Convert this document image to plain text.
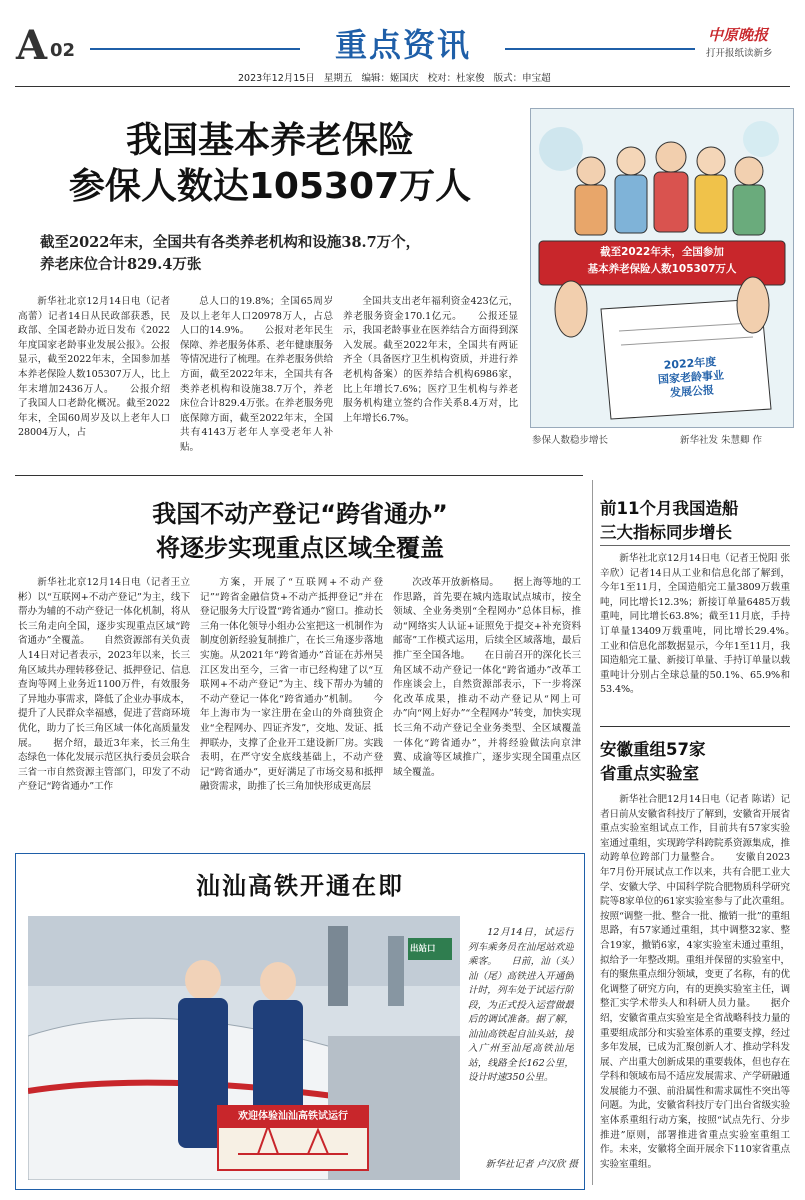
A 02	重点资讯	中原晚报
打开报纸读新乡
2023年12月15日 星期五 编辑：姬国庆 校对：杜家俊 版式：申宝超
我国基本养老保险
参保人数达105307万人
截至2022年末，全国共有各类养老机构和设施38.7万个，
养老床位合计829.4万张

新华社北京12月14日电（记者 高蕾）记者14日从民政部获悉，民政部、全国老龄办近日发布《2022年度国家老龄事业发展公报》。公报显示，截至2022年末，全国参加基本养老保险人数105307万人，比上年末增加2436万人。　　公报介绍了我国人口老龄化概况。截至2022年末，全国60周岁及以上老年人口28004万人，占

总人口的19.8%；全国65周岁及以上老年人口20978万人，占总人口的14.9%。　　公报对老年民生保障、养老服务体系、老年健康服务等情况进行了梳理。在养老服务供给方面，截至2022年末，全国共有各类养老机构和设施38.7万个，养老床位合计829.4万张。在养老服务兜底保障方面，截至2022年末，全国共有4143万老年人享受老年人补贴。

全国共支出老年福利资金423亿元，养老服务资金170.1亿元。　　公报还显示，我国老龄事业在医养结合方面得到深入发展。截至2022年末，全国共有两证齐全（具备医疗卫生机构资质，并进行养老机构备案）的医养结合机构6986家，比上年增长7.6%；医疗卫生机构与养老服务机构建立签约合作关系8.4万对，比上年增长6.7%。

截至2022年末，全国参加
基本养老保险人数105307万人
2022年度
国家老龄事业
发展公报
参保人数稳步增长	新华社发 朱慧卿 作
我国不动产登记“跨省通办”
将逐步实现重点区域全覆盖

新华社北京12月14日电（记者王立彬）以“互联网+不动产登记”为主，线下帮办为辅的不动产登记一体化机制，将从长三角走向全国，逐步实现重点区域“跨省通办”全覆盖。　　自然资源部有关负责人14日对记者表示，2023年以来，长三角区域共办理转移登记、抵押登记、信息查询等网上业务近1100万件，有效服务了异地办事需求，降低了企业办事成本，提升了人民群众幸福感，促进了营商环境优化，助力了长三角区域一体化高质量发展。　　据介绍，最近3年来，长三角生态绿色一体化发展示范区执行委员会联合三省一市自然资源主管部门，印发了不动产登记“跨省通办”工作

方案，开展了“互联网+不动产登记”“跨省金融信贷+不动产抵押登记”并在登记服务大厅设置“跨省通办”窗口。推动长三角一体化领导小组办公室把这一机制作为制度创新经验复制推广，在长三角逐步落地实施。从2021年“跨省通办”首证在苏州吴江区发出至今，三省一市已经构建了以“互联网+不动产登记”为主、线下帮办为辅的不动产登记一体化“跨省通办”机制。　　今年上海市为一家注册在金山的外商独资企业“全程网办、四证齐发”，交地、发证、抵押联办，支撑了企业开工建设新厂房。实践表明，在严守安全底线基础上，不动产登记“跨省通办”，更好满足了市场交易和抵押融资需求，助推了长三角加快形成更高层

次改革开放新格局。　　据上海等地的工作思路，首先要在城内选取试点城市，按全领域、全业务类别“全程网办”总体目标，推动“网络实人认证+证照免于提交+补充资料邮寄”工作模式运用，后续全区域落地，最后推广至全国各地。　　在日前召开的深化长三角区域不动产登记一体化“跨省通办”改革工作座谈会上，自然资源部表示，下一步将深化改革成果，推动不动产登记从“网上可办”向“网上好办”“全程网办”转变，加快实现长三角不动产登记全业务类型、全区域覆盖一体化“跨省通办”，并将经验做法向京津冀、成渝等区域推广，逐步实现全国重点区域全覆盖。

前11个月我国造船
三大指标同步增长

新华社北京12月14日电（记者王悦阳 张辛欣）记者14日从工业和信息化部了解到，今年1至11月，全国造船完工量3809万载重吨，同比增长12.3%；新接订单量6485万载重吨，同比增长63.8%；截至11月底，手持订单量13409万载重吨，同比增长29.4%。　　工业和信息化部数据显示，今年1至11月，我国造船完工量、新接订单量、手持订单量以载重吨计分别占全球总量的50.1%、65.9%和53.4%。

安徽重组57家
省重点实验室

新华社合肥12月14日电（记者 陈诺）记者日前从安徽省科技厅了解到，安徽省开展省重点实验室组试点工作，目前共有57家实验室通过重组，实现跨学科跨院系资源集成，推动跨单位跨部门力量整合。　　安徽自2023年7月份开展试点工作以来，共有合肥工业大学、安徽大学、中国科学院合肥物质科学研究院等8家单位的61家实验室参与了此次重组。按照“调整一批、整合一批、撤销一批”的重组思路，有57家通过重组，其中调整32家、整合19家，撤销6家，4家实验室未通过重组，拟给予一年整改期。重组并保留的实验室中，有的聚焦重点细分领域，变更了名称，有的优化调整了研究方向，有的更换实验室主任，调整汇实学术带头人和科研人员力量。　　据介绍，安徽省重点实验室是全省战略科技力量的重要组成部分和实验室体系的重要支撑，经过多年发展，已成为汇聚创新人才、推动学科发展、产出重大创新成果的重要载体，但也存在学科和领域布局不适应发展需求、产学研融通发展能力不强、前沿属性和需求属性不突出等问题。为此，安徽省科技厅专门出台省级实验室体系重组行动方案，按照“试点先行、分步推进”原则，部署推进省重点实验室重组工作。未来，安徽将全面开展余下110家省重点实验室重组。

汕汕高铁开通在即
欢迎体验汕汕高铁试运行
出站口

12月14日，试运行列车乘务员在汕尾站欢迎乘客。　　日前，汕（头）汕（尾）高铁进入开通倒计时，列车处于试运行阶段，为正式投入运营做最后的调试准备。据了解，汕汕高铁起自汕头站，接入广州至汕尾高铁汕尾站，线路全长162公里，设计时速350公里。

新华社记者 卢汉欣 摄
